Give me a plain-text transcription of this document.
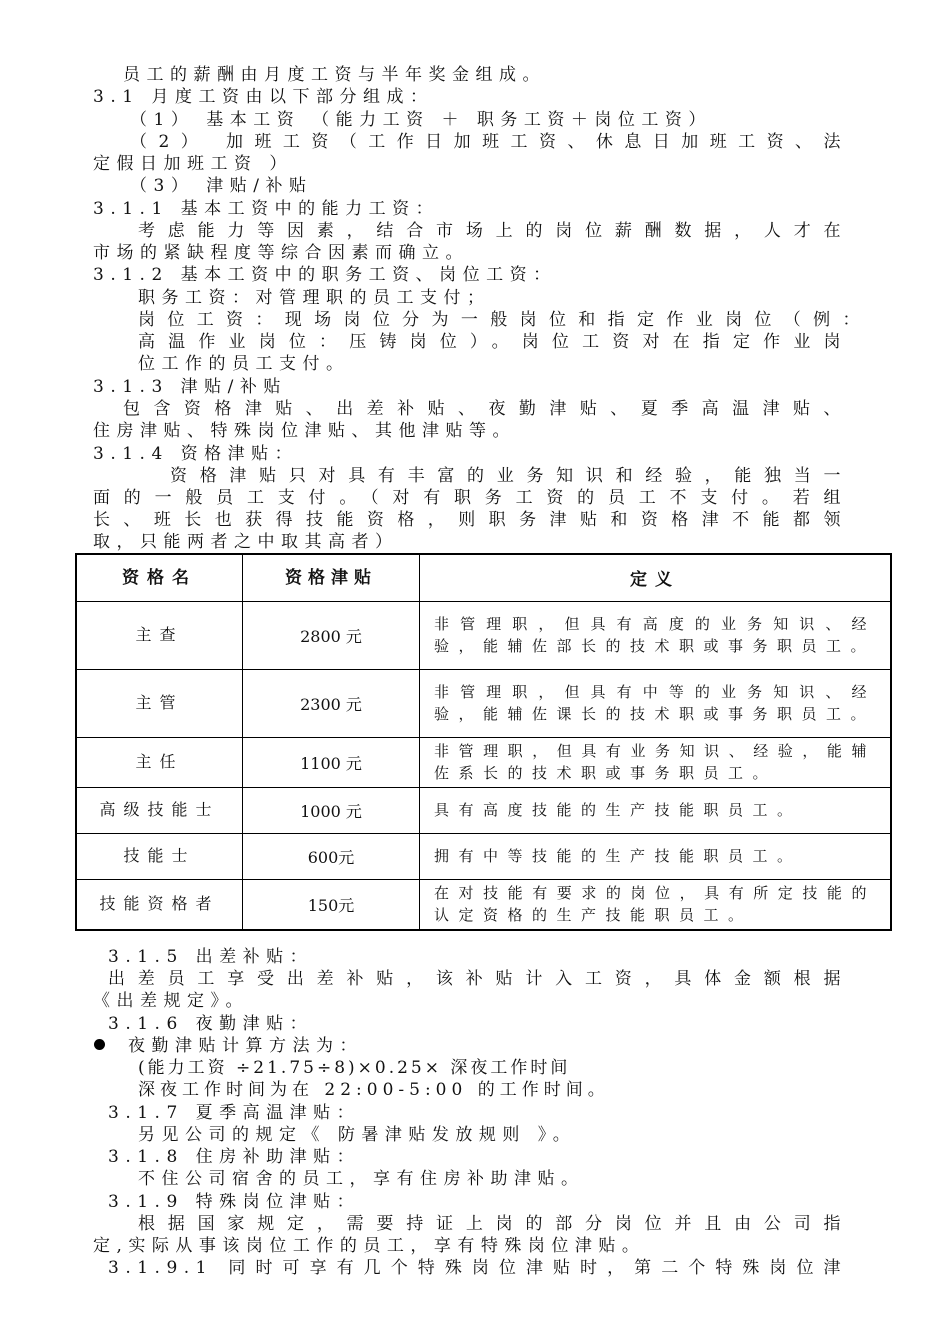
员工的薪酬由月度工资与半年奖金组成。
3.1 月度工资由以下部分组成：
（1） 基本工资 （能力工资 ＋ 职务工资＋岗位工资）
（2） 加班工资（工作日加班工资、休息日加班工资、法
定假日加班工资 ）
（3） 津贴/补贴
3.1.1 基本工资中的能力工资：
考虑能力等因素，结合市场上的岗位薪酬数据，人才在
市场的紧缺程度等综合因素而确立。
3.1.2 基本工资中的职务工资、岗位工资：
职务工资：对管理职的员工支付；
岗位工资：现场岗位分为一般岗位和指定作业岗位（例：
高温作业岗位：压铸岗位）。岗位工资对在指定作业岗
位工作的员工支付。
3.1.3 津贴/补贴
包含资格津贴、出差补贴、夜勤津贴、夏季高温津贴、
住房津贴、特殊岗位津贴、其他津贴等。
3.1.4 资格津贴：
资格津贴只对具有丰富的业务知识和经验，能独当一
面的一般员工支付。（对有职务工资的员工不支付。若组
长、班长也获得技能资格，则职务津贴和资格津不能都领
取，只能两者之中取其高者）
资格名	资格津贴	定义
主查	2800 元	非管理职，但具有高度的业务知识、经验，能辅佐部长的技术职或事务职员工。
主管	2300 元	非管理职，但具有中等的业务知识、经验，能辅佐课长的技术职或事务职员工。
主任	1100 元	非管理职，但具有业务知识、经验，能辅佐系长的技术职或事务职员工。
高级技能士	1000 元	具有高度技能的生产技能职员工。
技能士	600元	拥有中等技能的生产技能职员工。
技能资格者	150元	在对技能有要求的岗位，具有所定技能的认定资格的生产技能职员工。
3.1.5 出差补贴：
出差员工享受出差补贴，该补贴计入工资，具体金额根据
《出差规定》。
3.1.6 夜勤津贴：
夜勤津贴计算方法为：
(能力工资 ÷21.75÷8)×0.25× 深夜工作时间
深夜工作时间为在 22:00-5:00 的工作时间。
3.1.7 夏季高温津贴：
另见公司的规定《 防暑津贴发放规则 》。
3.1.8 住房补助津贴：
不住公司宿舍的员工，享有住房补助津贴。
3.1.9 特殊岗位津贴：
根据国家规定，需要持证上岗的部分岗位并且由公司指
定,实际从事该岗位工作的员工，享有特殊岗位津贴。
3.1.9.1 同时可享有几个特殊岗位津贴时，第二个特殊岗位津
